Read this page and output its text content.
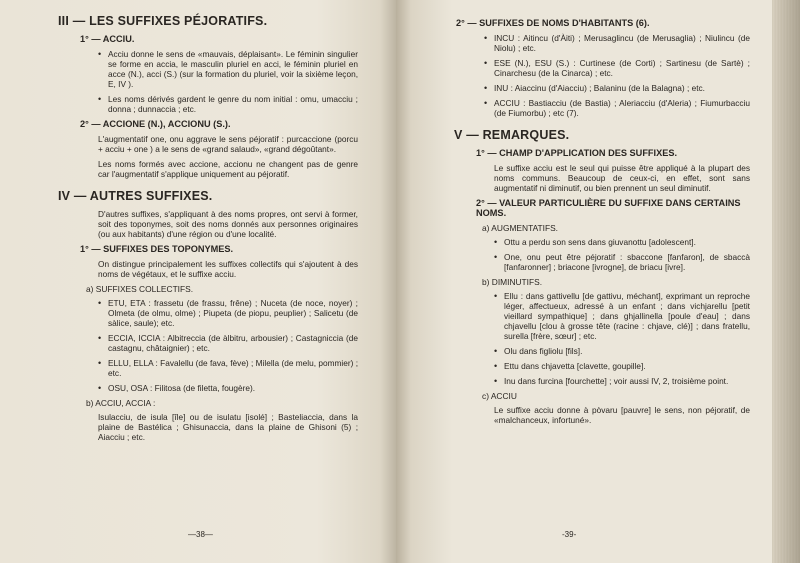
III — LES SUFFIXES PÉJORATIFS.
1° — ACCIU.
• Acciu donne le sens de «mauvais, déplaisant». Le féminin singulier se forme en accia, le masculin pluriel en acci, le féminin pluriel en acce (N.), acci (S.) (sur la formation du pluriel, voir la sixième leçon, E, IV ).
• Les noms dérivés gardent le genre du nom initial : omu, umacciu ; donna ; dunnaccia ; etc.
2° — ACCIONE (N.), ACCIONU (S.).
L'augmentatif one, onu aggrave le sens péjoratif : purcaccione (porcu + acciu + one ) a le sens de «grand salaud», «grand dégoûtant».
Les noms formés avec accione, accionu ne changent pas de genre car l'augmentatif s'applique uniquement au péjoratif.
IV — AUTRES SUFFIXES.
D'autres suffixes, s'appliquant à des noms propres, ont servi à former, soit des toponymes, soit des noms donnés aux personnes originaires (ou aux habitants) d'une région ou d'une localité.
1° — SUFFIXES DES TOPONYMES.
On distingue principalement les suffixes collectifs qui s'ajoutent à des noms de végétaux, et le suffixe acciu.
a) SUFFIXES COLLECTIFS.
• ETU, ETA : frassetu (de frassu, frêne) ; Nuceta (de noce, noyer) ; Olmeta (de olmu, olme) ; Piupeta (de piopu, peuplier) ; Salicetu (de sàlice, saule); etc.
• ECCIA, ICCIA : Albitreccia (de àlbitru, arbousier) ; Castagniccia (de castagnu, châtaignier) ; etc.
• ELLU, ELLA : Favalellu (de fava, fève) ; Milella (de melu, pommier) ; etc.
• OSU, OSA : Filitosa (de filetta, fougère).
b) ACCIU, ACCIA :
Isulacciu, de isula [île] ou de isulatu [isolé] ; Basteliaccia, dans la plaine de Bastélica ; Ghisunaccia, dans la plaine de Ghisoni (5) ; Aiacciu ; etc.
—38—
2° — SUFFIXES DE NOMS D'HABITANTS (6).
• INCU : Aitincu (d'Àiti) ; Merusaglincu (de Merusaglia) ; Niulincu (de Niolu) ; etc.
• ESE (N.), ESU (S.) : Curtinese (de Corti) ; Sartinesu (de Sartè) ; Cinarchesu (de la Cinarca) ; etc.
• INU : Aiaccinu (d'Aiacciu) ; Balaninu (de la Balagna) ; etc.
• ACCIU : Bastiacciu (de Bastia) ; Aleriacciu (d'Aleria) ; Fiumurbacciu (de Fiumorbu) ; etc (7).
V — REMARQUES.
1° — CHAMP D'APPLICATION DES SUFFIXES.
Le suffixe acciu est le seul qui puisse être appliqué à la plupart des noms communs. Beaucoup de ceux-ci, en effet, sont sans augmentatif ni diminutif, ou bien prennent un seul diminutif.
2° — VALEUR PARTICULIÈRE DU SUFFIXE DANS CERTAINS NOMS.
a) AUGMENTATIFS.
• Ottu a perdu son sens dans giuvanottu [adolescent].
• One, onu peut être péjoratif : sbaccone [fanfaron], de sbaccà [fanfaronner] ; briacone [ivrogne], de briacu [ivre].
b) DIMINUTIFS.
• Ellu : dans gattivellu [de gattivu, méchant], exprimant un reproche léger, affectueux, adressé à un enfant ; dans vichjarellu [petit vieillard sympathique] ; dans ghjallinella [poule d'eau] ; dans chjavellu [clou à grosse tête (racine : chjave, clé)] ; dans fratellu, surella [frère, sœur] ; etc.
• Olu dans figliolu [fils].
• Ettu dans chjavetta [clavette, goupille].
• Inu dans furcina [fourchette] ; voir aussi IV, 2, troisième point.
c) ACCIU
Le suffixe acciu donne à pòvaru [pauvre] le sens, non péjoratif, de «malchanceux, infortuné».
-39-
